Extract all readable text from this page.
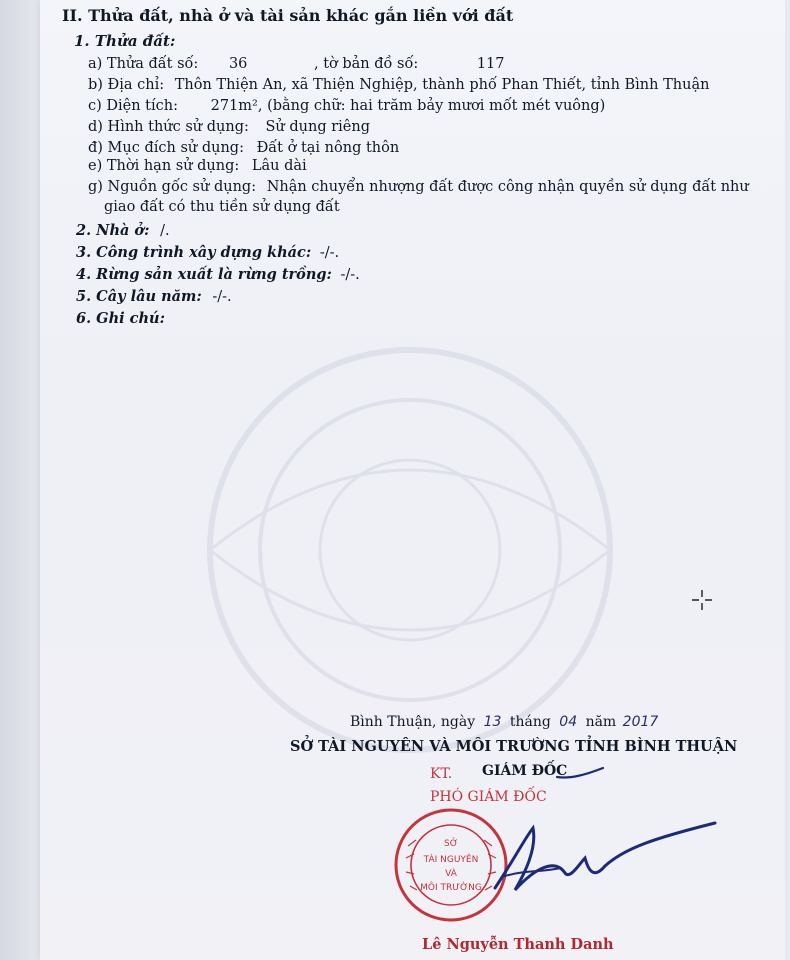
II. Thửa đất, nhà ở và tài sản khác gắn liền với đất
1. Thửa đất:
a) Thửa đất số: 36	, tờ bản đồ số:	117
b) Địa chỉ: Thôn Thiện An, xã Thiện Nghiệp, thành phố Phan Thiết, tỉnh Bình Thuận
c) Diện tích: 271m², (bằng chữ: hai trăm bảy mươi mốt mét vuông)
d) Hình thức sử dụng: Sử dụng riêng
đ) Mục đích sử dụng: Đất ở tại nông thôn
e) Thời hạn sử dụng: Lâu dài
g) Nguồn gốc sử dụng: Nhận chuyển nhượng đất được công nhận quyền sử dụng đất như
giao đất có thu tiền sử dụng đất
2. Nhà ở: /.
3. Công trình xây dựng khác: -/-.
4. Rừng sản xuất là rừng trồng: -/-.
5. Cây lâu năm: -/-.
6. Ghi chú:
Bình Thuận, ngày 13 tháng 04 năm 2017
SỞ TÀI NGUYÊN VÀ MÔI TRƯỜNG TỈNH BÌNH THUẬN
KT. GIÁM ĐỐC
PHÓ GIÁM ĐỐC
SỞ
TÀI NGUYÊN
VÀ
MÔI TRƯỜNG
Lê Nguyễn Thanh Danh
